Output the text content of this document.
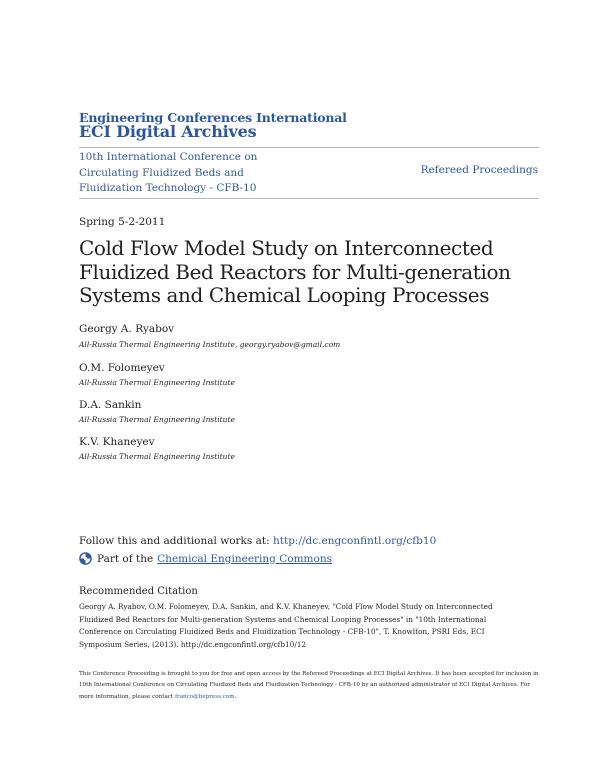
Engineering Conferences International
ECI Digital Archives
10th International Conference on Circulating Fluidized Beds and Fluidization Technology - CFB-10
Refereed Proceedings
Spring 5-2-2011
Cold Flow Model Study on Interconnected Fluidized Bed Reactors for Multi-generation Systems and Chemical Looping Processes
Georgy A. Ryabov
All-Russia Thermal Engineering Institute, georgy.ryabov@gmail.com
O.M. Folomeyev
All-Russia Thermal Engineering Institute
D.A. Sankin
All-Russia Thermal Engineering Institute
K.V. Khaneyev
All-Russia Thermal Engineering Institute
Follow this and additional works at: http://dc.engconfintl.org/cfb10
Part of the Chemical Engineering Commons
Recommended Citation
Georgy A. Ryabov, O.M. Folomeyev, D.A. Sankin, and K.V. Khaneyev, "Cold Flow Model Study on Interconnected Fluidized Bed Reactors for Multi-generation Systems and Chemical Looping Processes" in "10th International Conference on Circulating Fluidized Beds and Fluidization Technology - CFB-10", T. Knowlton, PSRI Eds, ECI Symposium Series, (2013). http://dc.engconfintl.org/cfb10/12
This Conference Proceeding is brought to you for free and open access by the Refereed Proceedings at ECI Digital Archives. It has been accepted for inclusion in 10th International Conference on Circulating Fluidized Beds and Fluidization Technology - CFB-10 by an authorized administrator of ECI Digital Archives. For more information, please contact franco@bepress.com.
